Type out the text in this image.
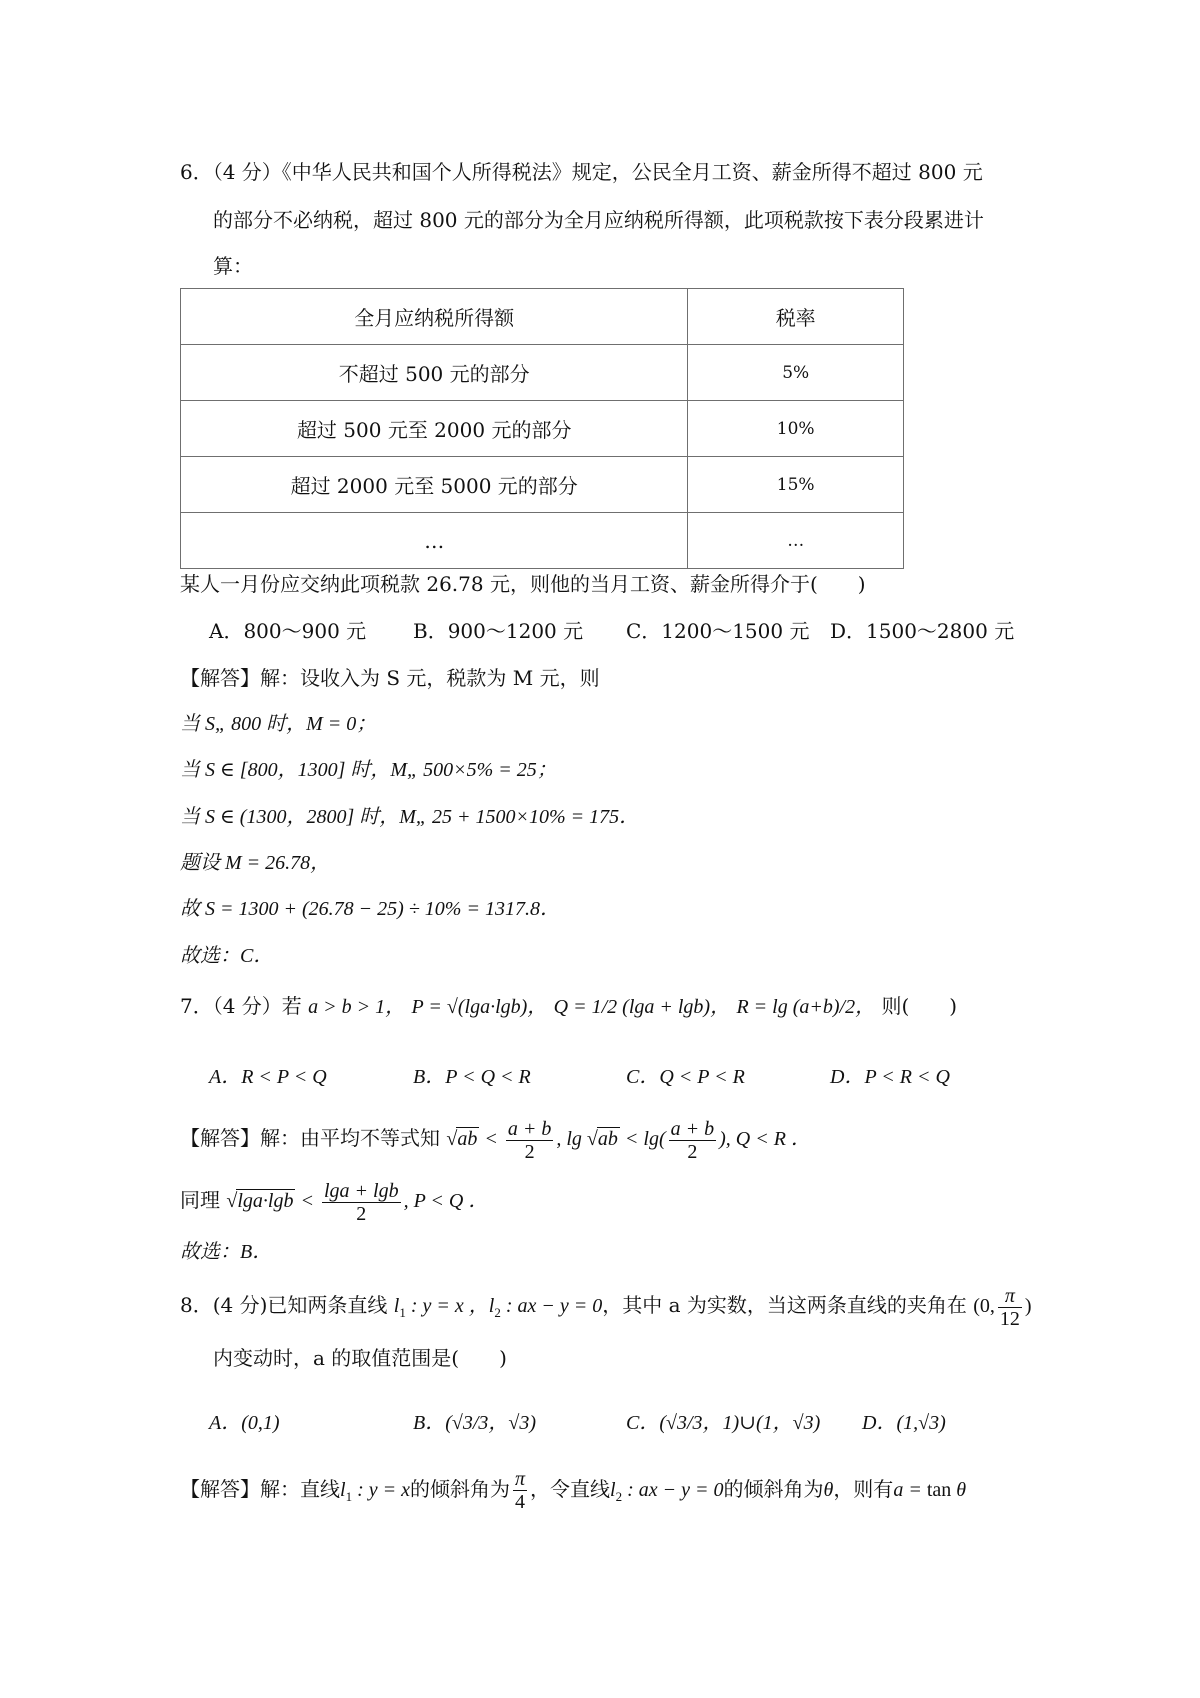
6．（4 分）《中华人民共和国个人所得税法》规定，公民全月工资、薪金所得不超过 800 元
的部分不必纳税，超过 800 元的部分为全月应纳税所得额，此项税款按下表分段累进计
算：
全月应纳税所得额	税率
不超过 500 元的部分	5%
超过 500 元至 2000 元的部分	10%
超过 2000 元至 5000 元的部分	15%
…	…
某人一月份应交纳此项税款 26.78 元，则他的当月工资、薪金所得介于(　　)
A．800～900 元 B．900～1200 元 C．1200～1500 元 D．1500～2800 元
【解答】解：设收入为 S 元，税款为 M 元，则
当 S„ 800 时，M = 0；
当 S ∈ [800，1300] 时，M„ 500×5% = 25；
当 S ∈ (1300，2800] 时，M„ 25 + 1500×10% = 175．
题设 M = 26.78，
故 S = 1300 + (26.78 − 25) ÷ 10% = 1317.8．
故选：C．
7．（4 分）若 a > b > 1， P = √(lga·lgb)， Q = 1/2 (lga + lgb)， R = lg (a+b)/2， 则(　　)
A．R < P < Q	B．P < Q < R	C．Q < P < R	D．P < R < Q
【解答】解：由平均不等式知 $√ab < \frac{a + b}{2}$ , $\lg √ab < \lg( \frac{a + b}{2}$ ), Q < R ．
同理 $√\lg a\cdot\lg b < \frac{\lg a + \lg b}{2}$ , P < Q ．
故选：B．
8．(4 分)已知两条直线 $l_1$ : y = x ，$l_2$ : ax − y = 0，其中 a 为实数，当这两条直线的夹角在 (0, $\frac{\pi}{12}$ )
内变动时，a 的取值范围是(　　)
A．(0,1)	B．(√3/3，√3)	C．(√3/3，1)∪(1，√3) D．(1,√3)
【解答】解：直线$l_1$ : y = x的倾斜角为 $\frac{\pi}{4}$ ，令直线$l_2$ : ax − y = 0的倾斜角为θ，则有a = tan θ
